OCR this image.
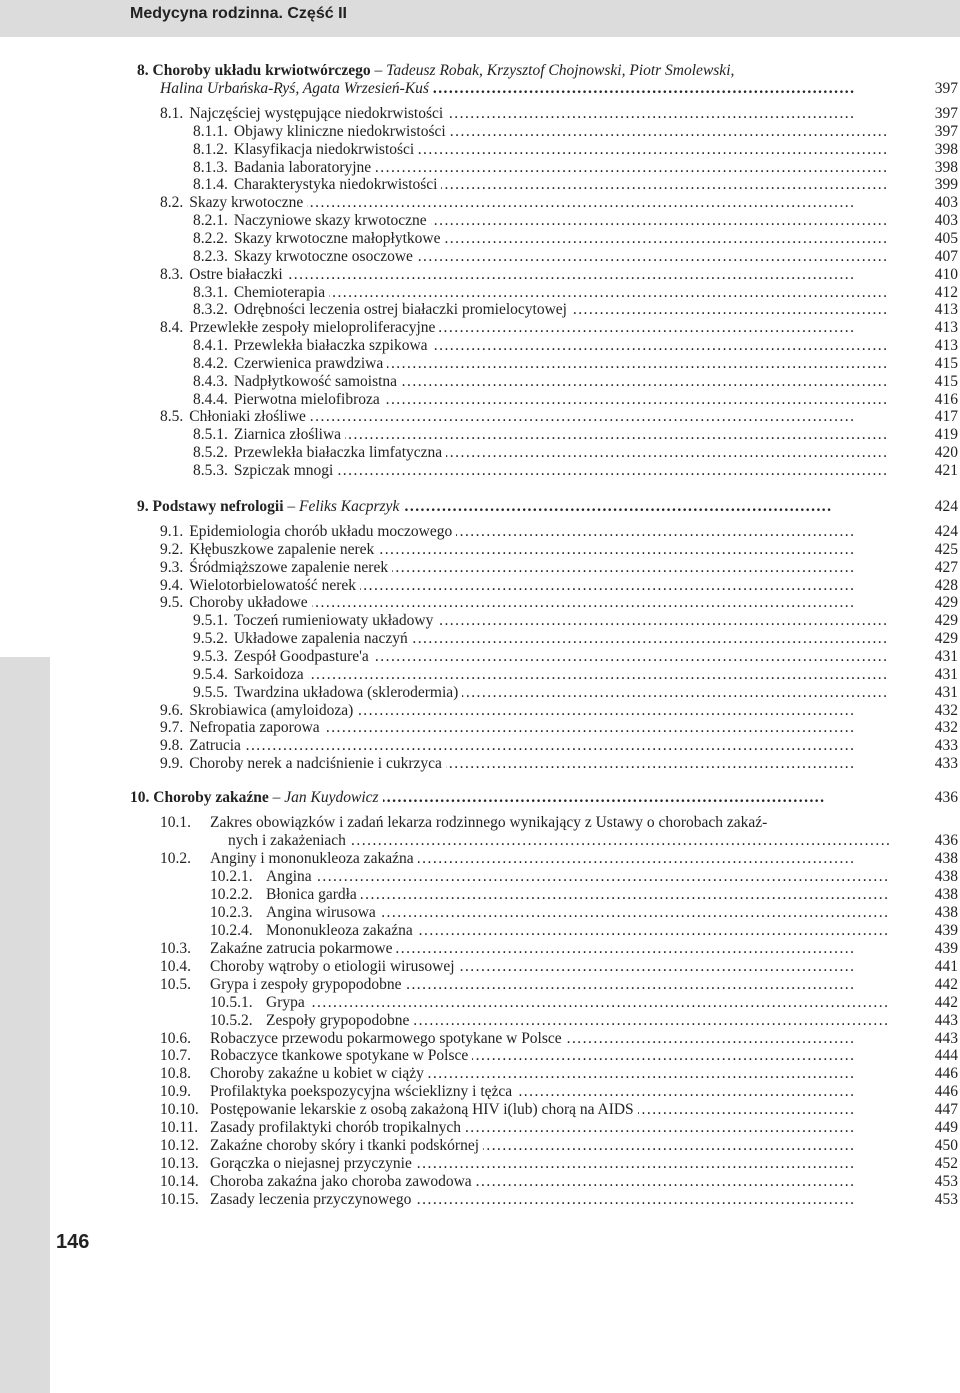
Medycyna rodzinna. Część II
146
8. Choroby układu krwiotwórczego – Tadeusz Robak, Krzysztof Chojnowski, Piotr Smolewski,
. . .
Halina Urbańska-Ryś, Agata Wrzesień-Kuś	397
. . .
8.1. Najczęściej występujące niedokrwistości	397
. . .
8.1.1. Objawy kliniczne niedokrwistości	397
. . .
8.1.2. Klasyfikacja niedokrwistości	398
. . .
8.1.3. Badania laboratoryjne	398
. . .
8.1.4. Charakterystyka niedokrwistości	399
. . .
8.2. Skazy krwotoczne	403
. . .
8.2.1. Naczyniowe skazy krwotoczne	403
. . .
8.2.2. Skazy krwotoczne małopłytkowe	405
. . .
8.2.3. Skazy krwotoczne osoczowe	407
. . .
8.3. Ostre białaczki	410
. . .
8.3.1. Chemioterapia	412
. . .
8.3.2. Odrębności leczenia ostrej białaczki promielocytowej	413
. . .
8.4. Przewlekłe zespoły mieloproliferacyjne	413
. . .
8.4.1. Przewlekła białaczka szpikowa	413
. . .
8.4.2. Czerwienica prawdziwa	415
. . .
8.4.3. Nadpłytkowość samoistna	415
. . .
8.4.4. Pierwotna mielofibroza	416
. . .
8.5. Chłoniaki złośliwe	417
. . .
8.5.1. Ziarnica złośliwa	419
. . .
8.5.2. Przewlekła białaczka limfatyczna	420
. . .
8.5.3. Szpiczak mnogi	421
. . .
9. Podstawy nefrologii – Feliks Kacprzyk	424
. . .
9.1. Epidemiologia chorób układu moczowego	424
. . .
9.2. Kłębuszkowe zapalenie nerek	425
. . .
9.3. Śródmiąższowe zapalenie nerek	427
. . .
9.4. Wielotorbielowatość nerek	428
. . .
9.5. Choroby układowe	429
. . .
9.5.1. Toczeń rumieniowaty układowy	429
. . .
9.5.2. Układowe zapalenia naczyń	429
. . .
9.5.3. Zespół Goodpasture'a	431
. . .
9.5.4. Sarkoidoza	431
. . .
9.5.5. Twardzina układowa (sklerodermia)	431
. . .
9.6. Skrobiawica (amyloidoza)	432
. . .
9.7. Nefropatia zaporowa	432
. . .
9.8. Zatrucia	433
. . .
9.9. Choroby nerek a nadciśnienie i cukrzyca	433
. . .
10. Choroby zakaźne – Jan Kuydowicz	436
10.1. Zakres obowiązków i zadań lekarza rodzinnego wynikający z Ustawy o chorobach zakaź-
. . .
nych i zakażeniach	436
. . .
10.2. Anginy i mononukleoza zakaźna	438
. . .
10.2.1. Angina	438
. . .
10.2.2. Błonica gardła	438
. . .
10.2.3. Angina wirusowa	438
. . .
10.2.4. Mononukleoza zakaźna	439
. . .
10.3. Zakaźne zatrucia pokarmowe	439
. . .
10.4. Choroby wątroby o etiologii wirusowej	441
. . .
10.5. Grypa i zespoły grypopodobne	442
. . .
10.5.1. Grypa	442
. . .
10.5.2. Zespoły grypopodobne	443
. . .
10.6. Robaczyce przewodu pokarmowego spotykane w Polsce	443
. . .
10.7. Robaczyce tkankowe spotykane w Polsce	444
. . .
10.8. Choroby zakaźne u kobiet w ciąży	446
. . .
10.9. Profilaktyka poekspozycyjna wścieklizny i tężca	446
. . .
10.10. Postępowanie lekarskie z osobą zakażoną HIV i(lub) chorą na AIDS	447
. . .
10.11. Zasady profilaktyki chorób tropikalnych	449
. . .
10.12. Zakaźne choroby skóry i tkanki podskórnej	450
. . .
10.13. Gorączka o niejasnej przyczynie	452
. . .
10.14. Choroba zakaźna jako choroba zawodowa	453
. . .
10.15. Zasady leczenia przyczynowego	453
